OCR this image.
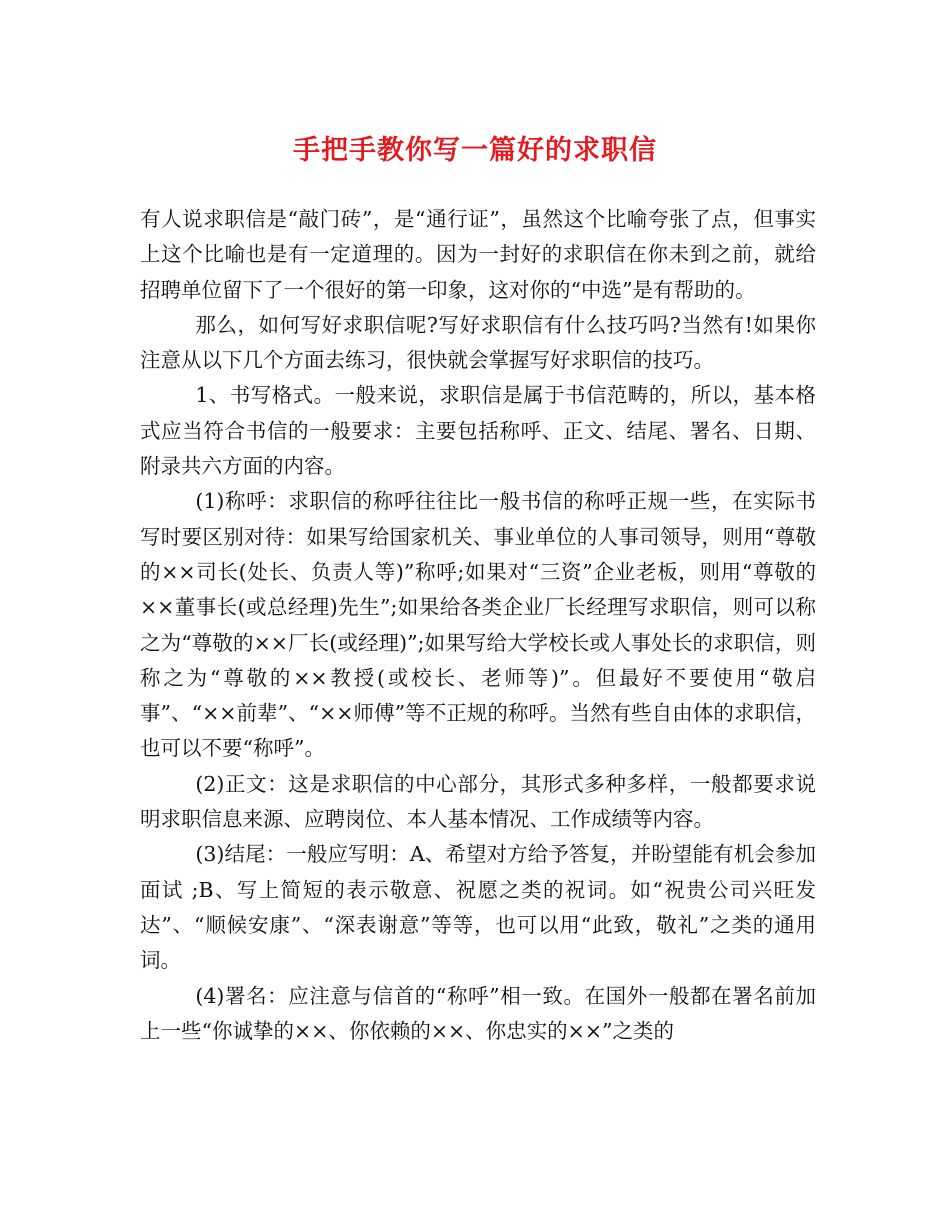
手把手教你写一篇好的求职信

有人说求职信是“敲门砖”，是“通行证”，虽然这个比喻夸张了点，但事实上这个比喻也是有一定道理的。因为一封好的求职信在你未到之前，就给招聘单位留下了一个很好的第一印象，这对你的“中选”是有帮助的。

那么，如何写好求职信呢?写好求职信有什么技巧吗?当然有!如果你注意从以下几个方面去练习，很快就会掌握写好求职信的技巧。

1、书写格式。一般来说，求职信是属于书信范畴的，所以，基本格式应当符合书信的一般要求：主要包括称呼、正文、结尾、署名、日期、附录共六方面的内容。

(1)称呼：求职信的称呼往往比一般书信的称呼正规一些，在实际书写时要区别对待：如果写给国家机关、事业单位的人事司领导，则用“尊敬的××司长(处长、负责人等)”称呼;如果对“三资”企业老板，则用“尊敬的××董事长(或总经理)先生”;如果给各类企业厂长经理写求职信，则可以称之为“尊敬的××厂长(或经理)”;如果写给大学校长或人事处长的求职信，则称之为“尊敬的××教授(或校长、老师等)”。但最好不要使用“敬启事”、“××前辈”、“××师傅”等不正规的称呼。当然有些自由体的求职信，也可以不要“称呼”。

(2)正文：这是求职信的中心部分，其形式多种多样，一般都要求说明求职信息来源、应聘岗位、本人基本情况、工作成绩等内容。

(3)结尾：一般应写明：A、希望对方给予答复，并盼望能有机会参加 面试 ;B、写上简短的表示敬意、祝愿之类的祝词。如“祝贵公司兴旺发达”、“顺候安康”、“深表谢意”等等，也可以用“此致，敬礼”之类的通用词。

(4)署名：应注意与信首的“称呼”相一致。在国外一般都在署名前加上一些“你诚挚的××、你依赖的××、你忠实的××”之类的
